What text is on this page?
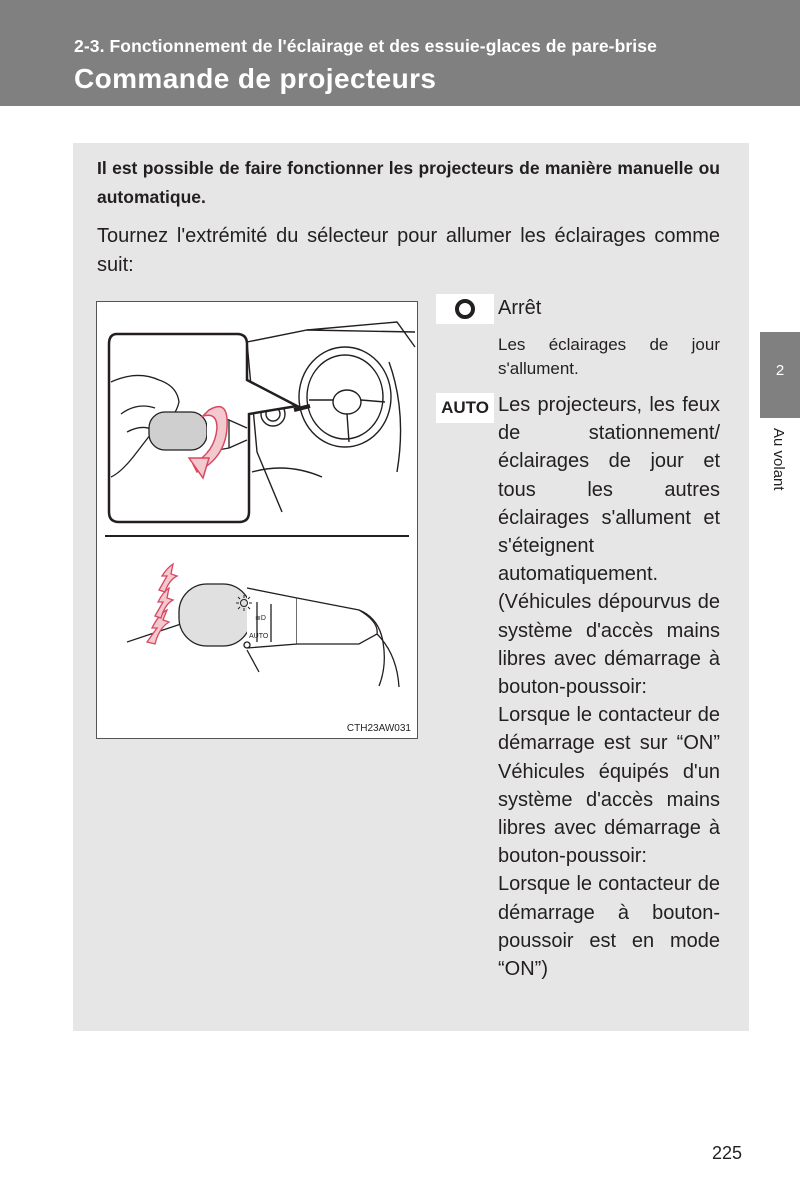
2-3. Fonctionnement de l'éclairage et des essuie-glaces de pare-brise
Commande de projecteurs
2
Au volant
Il est possible de faire fonctionner les projecteurs de manière manuelle ou automatique.
Tournez l'extrémité du sélecteur pour allumer les éclairages comme suit:
≣D
AUTO
CTH23AW031
Arrêt
Les éclairages de jour s'allument.
AUTO Les projecteurs, les feux de stationnement/ éclairages de jour et tous les autres éclairages s'allument et s'éteignent automatiquement. (Véhicules dépourvus de système d'accès mains libres avec démarrage à bouton-poussoir: Lorsque le contacteur de démarrage est sur “ON” Véhicules équipés d'un système d'accès mains libres avec démarrage à bouton-poussoir: Lorsque le contacteur de démarrage à bouton-poussoir est en mode “ON”)
225
